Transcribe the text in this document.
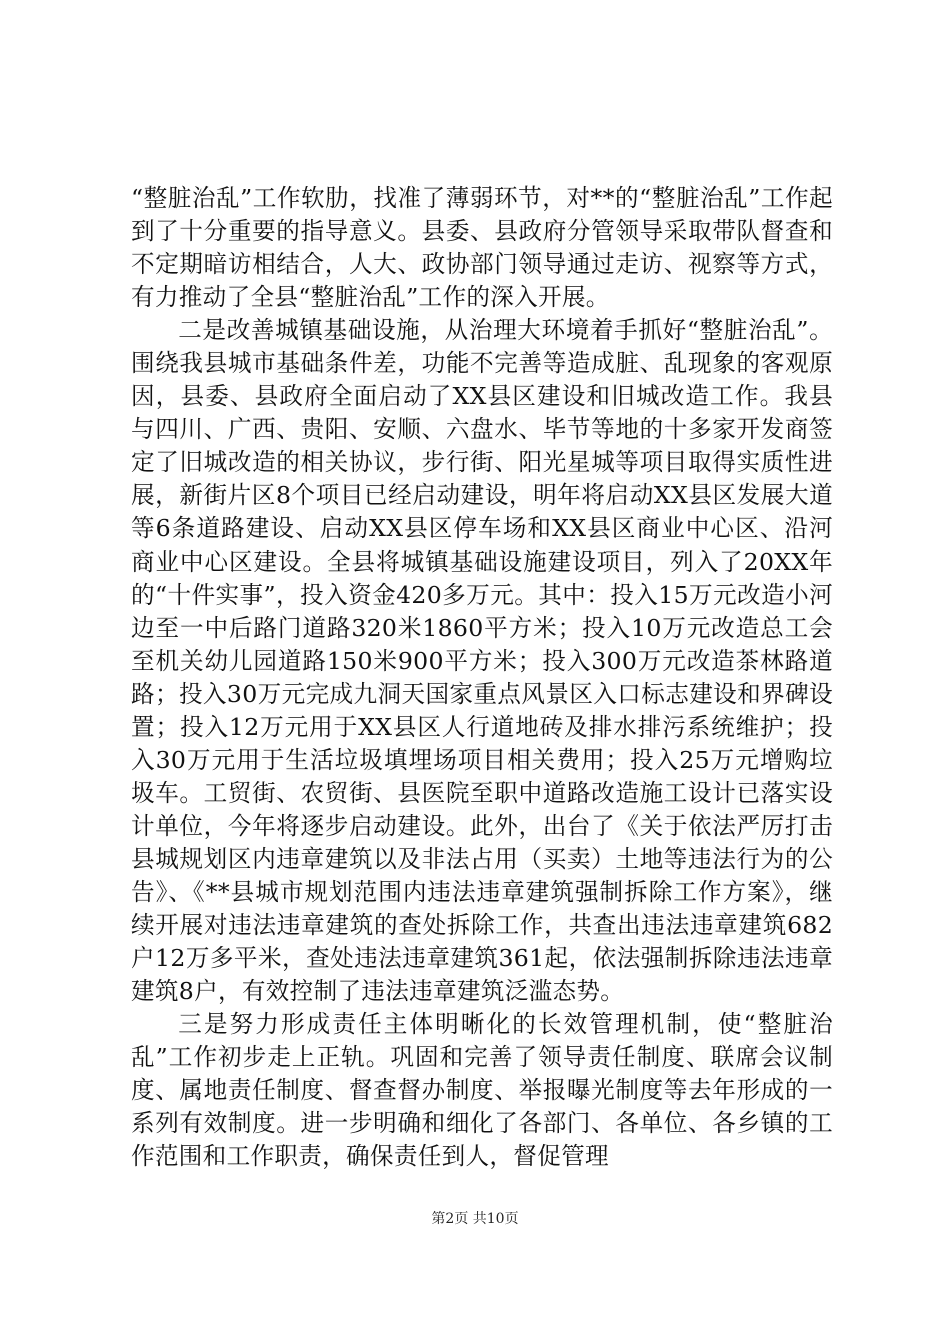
“整脏治乱”工作软肋，找准了薄弱环节，对**的“整脏治乱”工作起到了十分重要的指导意义。县委、县政府分管领导采取带队督查和不定期暗访相结合，人大、政协部门领导通过走访、视察等方式，有力推动了全县“整脏治乱”工作的深入开展。

二是改善城镇基础设施，从治理大环境着手抓好“整脏治乱”。围绕我县城市基础条件差，功能不完善等造成脏、乱现象的客观原因，县委、县政府全面启动了XX县区建设和旧城改造工作。我县与四川、广西、贵阳、安顺、六盘水、毕节等地的十多家开发商签定了旧城改造的相关协议，步行街、阳光星城等项目取得实质性进展，新街片区8个项目已经启动建设，明年将启动XX县区发展大道等6条道路建设、启动XX县区停车场和XX县区商业中心区、沿河商业中心区建设。全县将城镇基础设施建设项目，列入了20XX年的“十件实事”，投入资金420多万元。其中：投入15万元改造小河边至一中后路门道路320米1860平方米；投入10万元改造总工会至机关幼儿园道路150米900平方米；投入300万元改造茶林路道路；投入30万元完成九洞天国家重点风景区入口标志建设和界碑设置；投入12万元用于XX县区人行道地砖及排水排污系统维护；投入30万元用于生活垃圾填埋场项目相关费用；投入25万元增购垃圾车。工贸街、农贸街、县医院至职中道路改造施工设计已落实设计单位，今年将逐步启动建设。此外，出台了《关于依法严厉打击县城规划区内违章建筑以及非法占用（买卖）土地等违法行为的公告》、《**县城市规划范围内违法违章建筑强制拆除工作方案》，继续开展对违法违章建筑的查处拆除工作，共查出违法违章建筑682户12万多平米，查处违法违章建筑361起，依法强制拆除违法违章建筑8户，有效控制了违法违章建筑泛滥态势。

三是努力形成责任主体明晰化的长效管理机制，使“整脏治乱”工作初步走上正轨。巩固和完善了领导责任制度、联席会议制度、属地责任制度、督查督办制度、举报曝光制度等去年形成的一系列有效制度。进一步明确和细化了各部门、各单位、各乡镇的工作范围和工作职责，确保责任到人，督促管理

第2页 共10页
